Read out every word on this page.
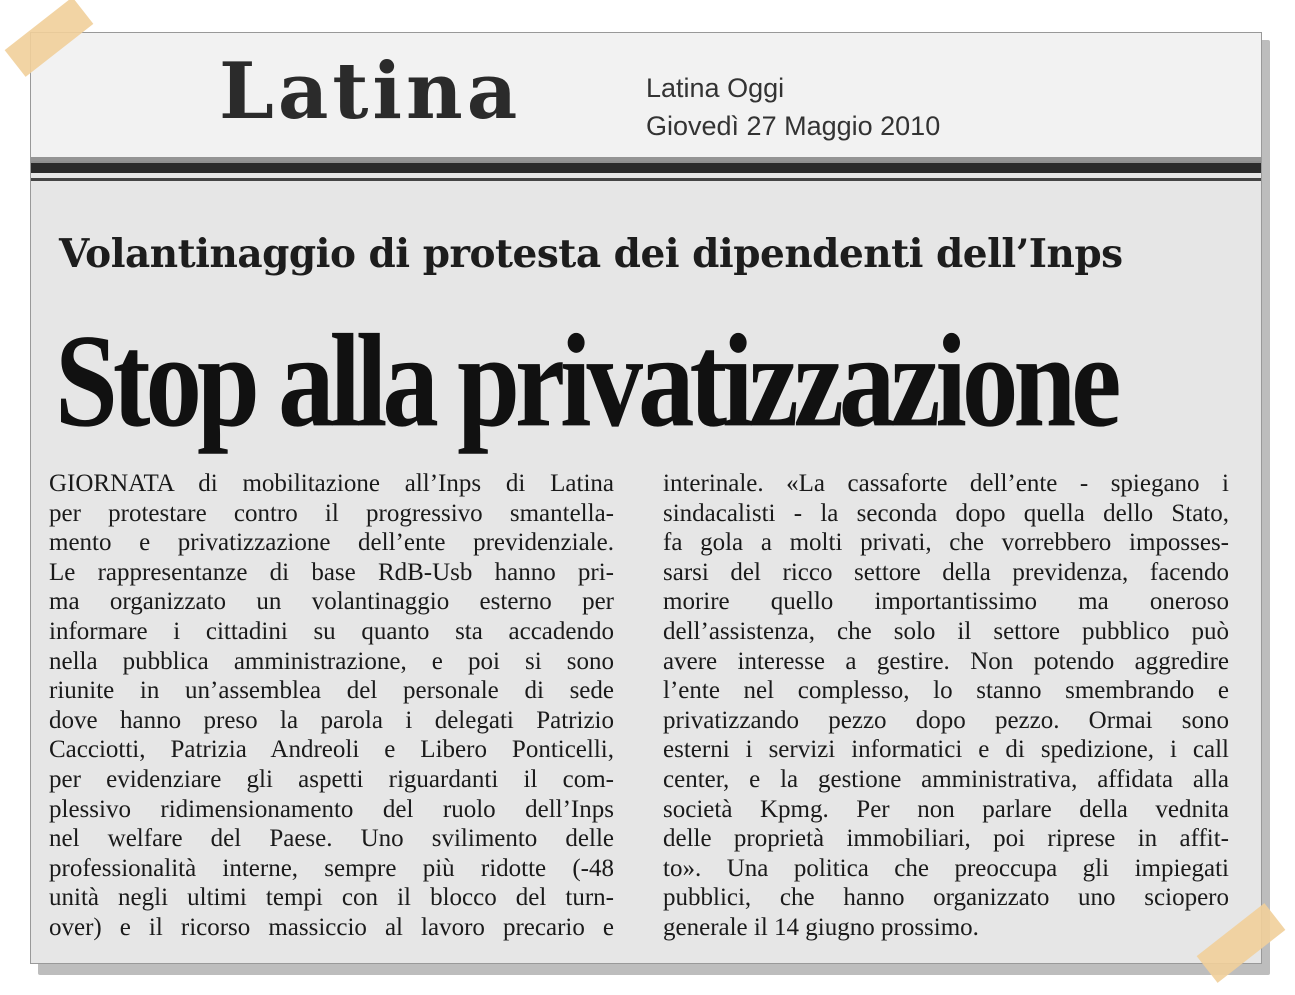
Latina	Latina Oggi
Giovedì 27 Maggio 2010
Volantinaggio di protesta dei dipendenti dell’Inps
Stop alla privatizzazione
GIORNATA di mobilitazione all’Inps di Latina
per protestare contro il progressivo smantella-
mento e privatizzazione dell’ente previdenziale.
Le rappresentanze di base RdB-Usb hanno pri-
ma organizzato un volantinaggio esterno per
informare i cittadini su quanto sta accadendo
nella pubblica amministrazione, e poi si sono
riunite in un’assemblea del personale di sede
dove hanno preso la parola i delegati Patrizio
Cacciotti, Patrizia Andreoli e Libero Ponticelli,
per evidenziare gli aspetti riguardanti il com-
plessivo ridimensionamento del ruolo dell’Inps
nel welfare del Paese. Uno svilimento delle
professionalità interne, sempre più ridotte (-48
unità negli ultimi tempi con il blocco del turn-
over) e il ricorso massiccio al lavoro precario e
interinale. «La cassaforte dell’ente - spiegano i
sindacalisti - la seconda dopo quella dello Stato,
fa gola a molti privati, che vorrebbero imposses-
sarsi del ricco settore della previdenza, facendo
morire quello importantissimo ma oneroso
dell’assistenza, che solo il settore pubblico può
avere interesse a gestire. Non potendo aggredire
l’ente nel complesso, lo stanno smembrando e
privatizzando pezzo dopo pezzo. Ormai sono
esterni i servizi informatici e di spedizione, i call
center, e la gestione amministrativa, affidata alla
società Kpmg. Per non parlare della vednita
delle proprietà immobiliari, poi riprese in affit-
to». Una politica che preoccupa gli impiegati
pubblici, che hanno organizzato uno sciopero
generale il 14 giugno prossimo.
